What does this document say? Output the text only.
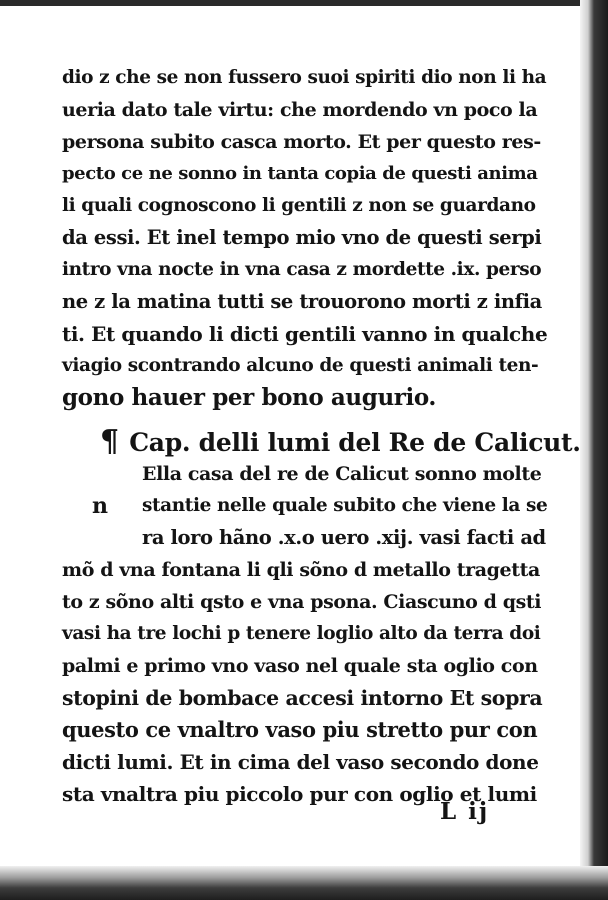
dio z che se non fussero suoi spiriti dio non li ha
ueria dato tale virtu: che mordendo vn poco la
persona subito casca morto. Et per questo res-
pecto ce ne sonno in tanta copia de questi anima
li quali cognoscono li gentili z non se guardano
da essi. Et inel tempo mio vno de questi serpi
intro vna nocte in vna casa z mordette .ix. perso
ne z la matina tutti se trouorono morti z infia
ti. Et quando li dicti gentili vanno in qualche
viagio scontrando alcuno de questi animali ten-
gono hauer per bono augurio.
¶ Cap. delli lumi del Re de Calicut.
n
Ella casa del re de Calicut sonno molte
stantie nelle quale subito che viene la se
ra loro hãno .x.o uero .xij. vasi facti ad
mõ d vna fontana li qli sõno d metallo tragetta
to z sõno alti qsto e vna psona. Ciascuno d qsti
vasi ha tre lochi p tenere loglio alto da terra doi
palmi e primo vno vaso nel quale sta oglio con
stopini de bombace accesi intorno Et sopra
questo ce vnaltro vaso piu stretto pur con
dicti lumi. Et in cima del vaso secondo done
sta vnaltra piu piccolo pur con oglio et lumi
L ij
